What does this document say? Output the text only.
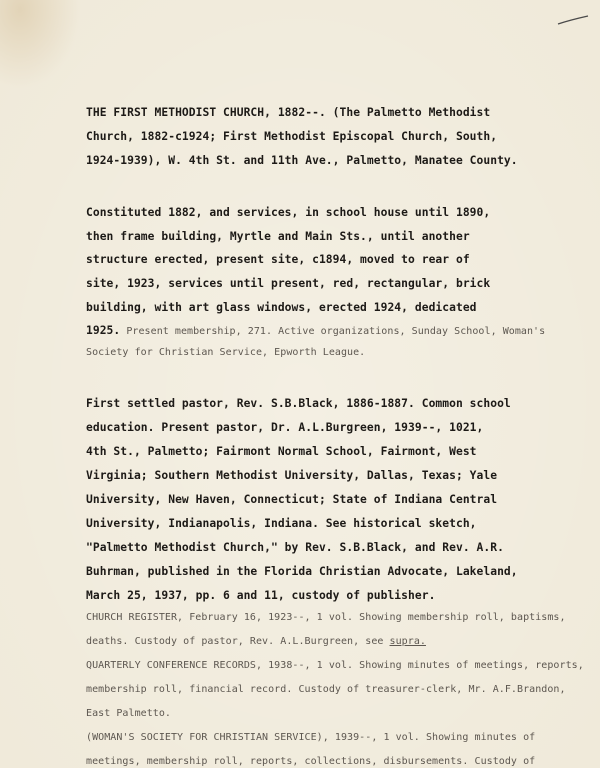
THE FIRST METHODIST CHURCH, 1882--. (The Palmetto Methodist
Church, 1882-c1924; First Methodist Episcopal Church, South,
1924-1939), W. 4th St. and 11th Ave., Palmetto, Manatee County.
Constituted 1882, and services, in school house until 1890,
then frame building, Myrtle and Main Sts., until another
structure erected, present site, c1894, moved to rear of
site, 1923, services until present, red, rectangular, brick
building, with art glass windows, erected 1924, dedicated
1925. Present membership, 271. Active organizations, Sunday School, Woman's
Society for Christian Service, Epworth League.
First settled pastor, Rev. S.B.Black, 1886-1887. Common school
education. Present pastor, Dr. A.L.Burgreen, 1939--, 1021,
4th St., Palmetto; Fairmont Normal School, Fairmont, West
Virginia; Southern Methodist University, Dallas, Texas; Yale
University, New Haven, Connecticut; State of Indiana Central
University, Indianapolis, Indiana. See historical sketch,
"Palmetto Methodist Church," by Rev. S.B.Black, and Rev. A.R.
Buhrman, published in the Florida Christian Advocate, Lakeland,
March 25, 1937, pp. 6 and 11, custody of publisher.
CHURCH REGISTER, February 16, 1923--, 1 vol. Showing membership roll, baptisms,
deaths. Custody of pastor, Rev. A.L.Burgreen, see supra.
QUARTERLY CONFERENCE RECORDS, 1938--, 1 vol. Showing minutes of meetings, reports,
membership roll, financial record. Custody of treasurer-clerk, Mr. A.F.Brandon,
East Palmetto.
(WOMAN'S SOCIETY FOR CHRISTIAN SERVICE), 1939--, 1 vol. Showing minutes of
meetings, membership roll, reports, collections, disbursements. Custody of
